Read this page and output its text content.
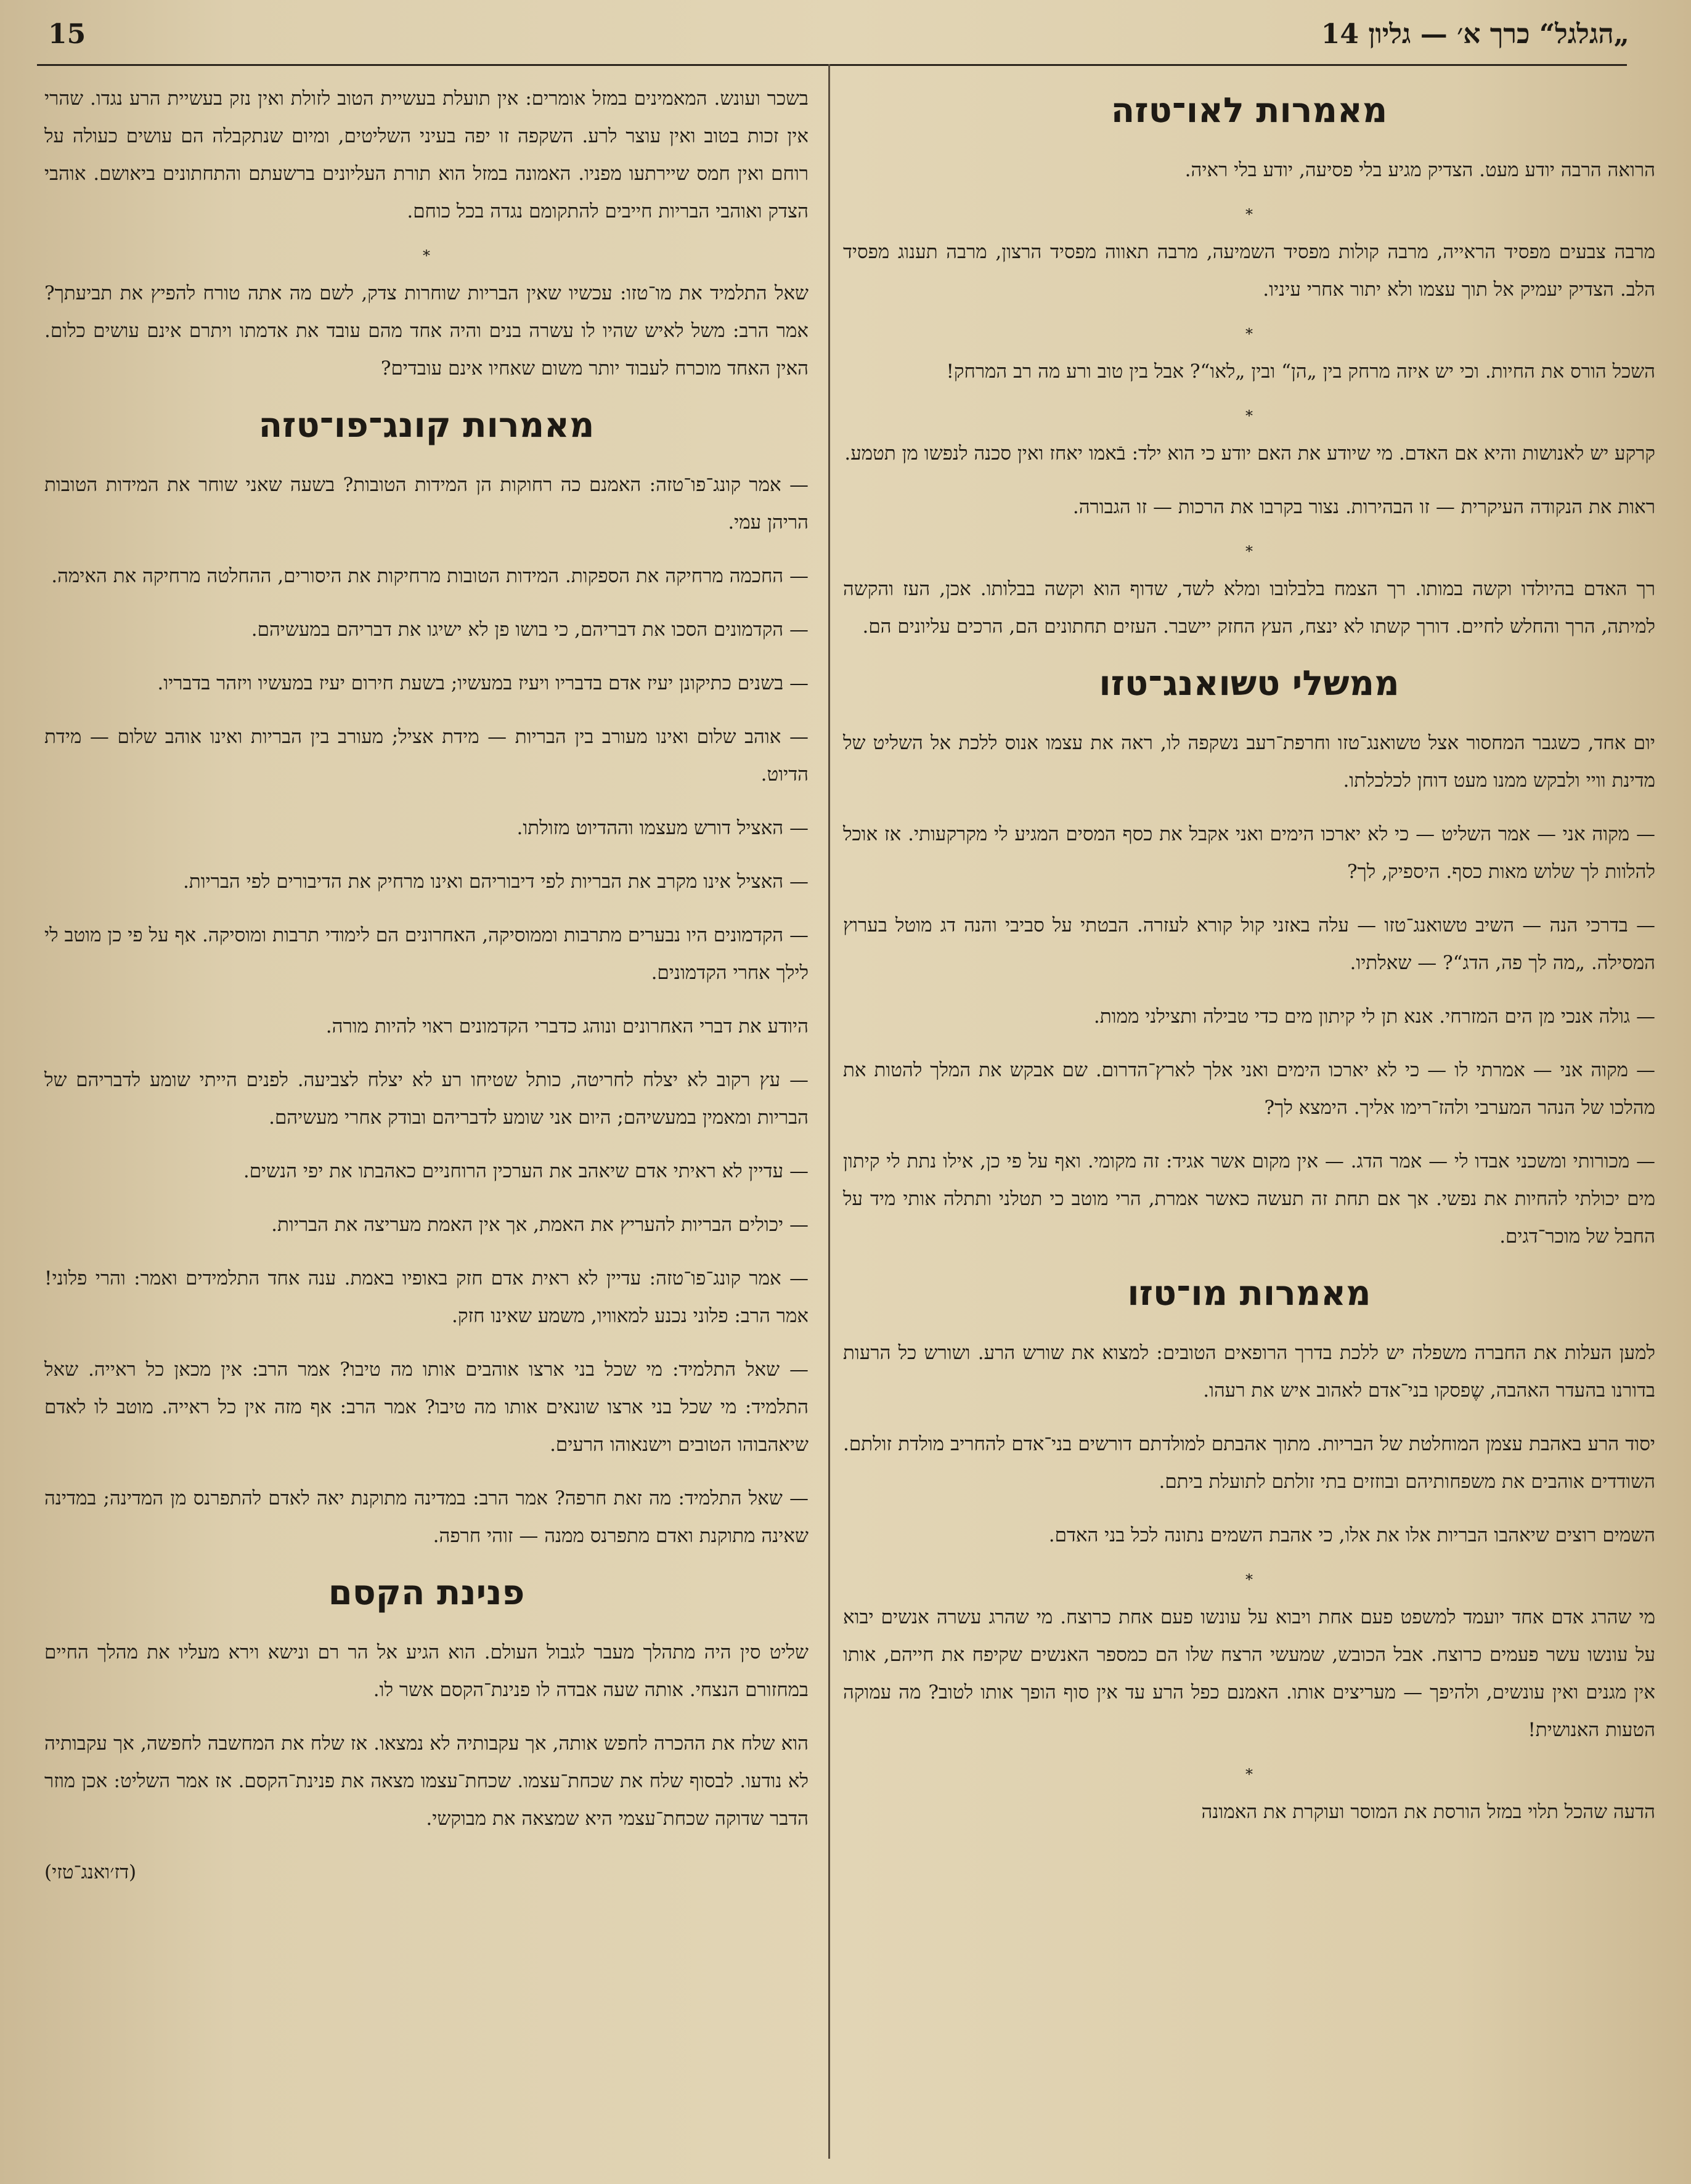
„הגלגל“ כרך א׳ — גליון 14
15
מאמרות לאו־טזה

הרואה הרבה יודע מעט. הצדיק מגיע בלי פסיעה, יודע בלי ראיה.

*

מרבה צבעים מפסיד הראייה, מרבה קולות מפסיד השמיעה, מרבה תאווה מפסיד הרצון, מרבה תענוג מפסיד הלב. הצדיק יעמיק אל תוך עצמו ולא יתור אחרי עיניו.

*

השכל הורס את החיות. וכי יש איזה מרחק בין „הן“ ובין „לאו“? אבל בין טוב ורע מה רב המרחק!

*

קרקע יש לאנושות והיא אם האדם. מי שיודע את האם יודע כי הוא ילד: בֿאמו יאחז ואין סכנה לנפשו מן תטמע.

ראות את הנקודה העיקרית — זו הבהירות. נצור בקרבו את הרכות — זו הגבורה.

*

רך האדם בהיולדו וקשה במותו. רך הצמח בלבלובו ומלא לשד, שדוף הוא וקשה בבלותו. אכן, העז והקשה למיתה, הרך והחלש לחיים. דורך קשתו לא ינצח, העץ החזק יישבר. העזים תחתונים הם, הרכים עליונים הם.

ממשלי טשואנג־טזו

יום אחד, כשגבר המחסור אצל טשואנג־טזו וחרפת־רעב נשקפה לו, ראה את עצמו אנוס ללכת אל השליט של מדינת וויי ולבקש ממנו מעט דוחן לכלכלתו.

— מקוה אני — אמר השליט — כי לא יארכו הימים ואני אקבל את כסף המסים המגיע לי מקרקעותי. אז אוכל להלוות לך שלוש מאות כסף. היספיק, לך?

— בדרכי הנה — השיב טשואנג־טזו — עלה באזני קול קורא לעזרה. הבטתי על סביבי והנה דג מוטל בערוץ המסילה. „מה לך פה, הדג“? — שאלתיו.

— גולה אנכי מן הים המזרחי. אנא תן לי קיתון מים כדי טבילה ותצילני ממות.

— מקוה אני — אמרתי לו — כי לא יארכו הימים ואני אלך לארץ־הדרום. שם אבקש את המלך להטות את מהלכו של הנהר המערבי ולהז־רימו אליך. הימצא לך?

— מכורותי ומשכני אבדו לי — אמר הדג. — אין מקום אשר אגיד: זה מקומי. ואף על פי כן, אילו נתת לי קיתון מים יכולתי להחיות את נפשי. אך אם תחת זה תעשה כאשר אמרת, הרי מוטב כי תטלני ותתלה אותי מיד על החבל של מוכר־דגים.

מאמרות מו־טזו

למען העלות את החברה משפלה יש ללכת בדרך הרופאים הטובים: למצוא את שורש הרע. ושורש כל הרעות בדורנו בהעדר האהבה, שֶפסקו בני־אדם לאהוב איש את רעהו.

יסוד הרע באהבת עצמן המוחלטת של הבריות. מתוך אהבתם למולדתם דורשים בני־אדם להחריב מולדת זולתם. השודדים אוהבים את משפחותיהם ובוזזים בתי זולתם לתועלת ביתם.

השמים רוצים שיאהבו הבריות אלו את אלו, כי אהבת השמים נתונה לכל בני האדם.

*

מי שהרג אדם אחד יועמד למשפט פעם אחת ויבוא על עונשו פעם אחת כרוצח. מי שהרג עשרה אנשים יבוא על עונשו עשר פעמים כרוצח. אבל הכובש, שמעשי הרצח שלו הם כמספר האנשים שקיפח את חייהם, אותו אין מגנים ואין עונשים, ולהיפך — מעריצים אותו. האמנם כפל הרע עד אין סוף הופך אותו לטוב? מה עמוקה הטעות האנושית!

*

הדעה שהכל תלוי במזל הורסת את המוסר ועוקרת את האמונה

בשכר ועונש. המאמינים במזל אומרים: אין תועלת בעשיית הטוב לזולת ואין נזק בעשיית הרע נגדו. שהרי אין זכות בטוב ואין עוצר לרע. השקפה זו יפה בעיני השליטים, ומיום שנתקבלה הם עושים כעולה על רוחם ואין חמס שיירתעו מפניו. האמונה במזל הוא תורת העליונים ברשעתם והתחתונים ביאושם. אוהבי הצדק ואוהבי הבריות חייבים להתקומם נגדה בכל כוחם.

*

שאל התלמיד את מו־טזו: עכשיו שאין הבריות שוחרות צדק, לשם מה אתה טורח להפיץ את תביעתך? אמר הרב: משל לאיש שהיו לו עשרה בנים והיה אחד מהם עובד את אדמתו ויתרם אינם עושים כלום. האין האחד מוכרח לעבוד יותר משום שאחיו אינם עובדים?

מאמרות קונג־פו־טזה

— אמר קונג־פו־טזה: האמנם כה רחוקות הן המידות הטובות? בשעה שאני שוחר את המידות הטובות הריהן עמי.

— החכמה מרחיקה את הספקות. המידות הטובות מרחיקות את היסורים, ההחלטה מרחיקה את האימה.

— הקדמונים הסכו את דבריהם, כי בושו פן לא ישיגו את דבריהם במעשיהם.

— בשנים כתיקונן יעיז אדם בדבריו ויעיז במעשיו; בשעת חירום יעיז במעשיו ויזהר בדבריו.

— אוהב שלום ואינו מעורב בין הבריות — מידת אציל; מעורב בין הבריות ואינו אוהב שלום — מידת הדיוט.

— האציל דורש מעצמו וההדיוט מזולתו.

— האציל אינו מקרב את הבריות לפי דיבוריהם ואינו מרחיק את הדיבורים לפי הבריות.

— הקדמונים היו נבערים מתרבות וממוסיקה, האחרונים הם לימודי תרבות ומוסיקה. אף על פי כן מוטב לי לילך אחרי הקדמונים.

היודע את דברי האחרונים ונוהג כדברי הקדמונים ראוי להיות מורה.

— עץ רקוב לא יצלח לחריטה, כותל שטיחו רע לא יצלח לצביעה. לפנים הייתי שומע לדבריהם של הבריות ומאמין במעשיהם; היום אני שומע לדבריהם ובודק אחרי מעשיהם.

— עדיין לא ראיתי אדם שיאהב את הערכין הרוחניים כאהבתו את יפי הנשים.

— יכולים הבריות להעריץ את האמת, אך אין האמת מעריצה את הבריות.

— אמר קונג־פו־טזה: עדיין לא ראית אדם חזק באופיו באמת. ענה אחד התלמידים ואמר: והרי פלוני! אמר הרב: פלוני נכנע למאוויו, משמע שאינו חזק.

— שאל התלמיד: מי שכל בני ארצו אוהבים אותו מה טיבו? אמר הרב: אין מכאן כל ראייה. שאל התלמיד: מי שכל בני ארצו שונאים אותו מה טיבו? אמר הרב: אף מזה אין כל ראייה. מוטב לו לאדם שיאהבוהו הטובים וישנאוהו הרעים.

— שאל התלמיד: מה זאת חרפה? אמר הרב: במדינה מתוקנת יאה לאדם להתפרנס מן המדינה; במדינה שאינה מתוקנת ואדם מתפרנס ממנה — זוהי חרפה.

פנינת הקסם

שליט סין היה מתהלך מעבר לגבול העולם. הוא הגיע אל הר רם ונישא וירא מעליו את מהלך החיים במחזורם הנצחי. אותה שעה אבדה לו פנינת־הקסם אשר לו.

הוא שלח את ההכרה לחפש אותה, אך עקבותיה לא נמצאו. אז שלח את המחשבה לחפשה, אך עקבותיה לא נודעו. לבסוף שלח את שכחת־עצמו. שכחת־עצמו מצאה את פנינת־הקסם. אז אמר השליט: אכן מוזר הדבר שדוקה שכחת־עצמי היא שמצאה את מבוקשי.

(דז׳ואנג־טזי)
